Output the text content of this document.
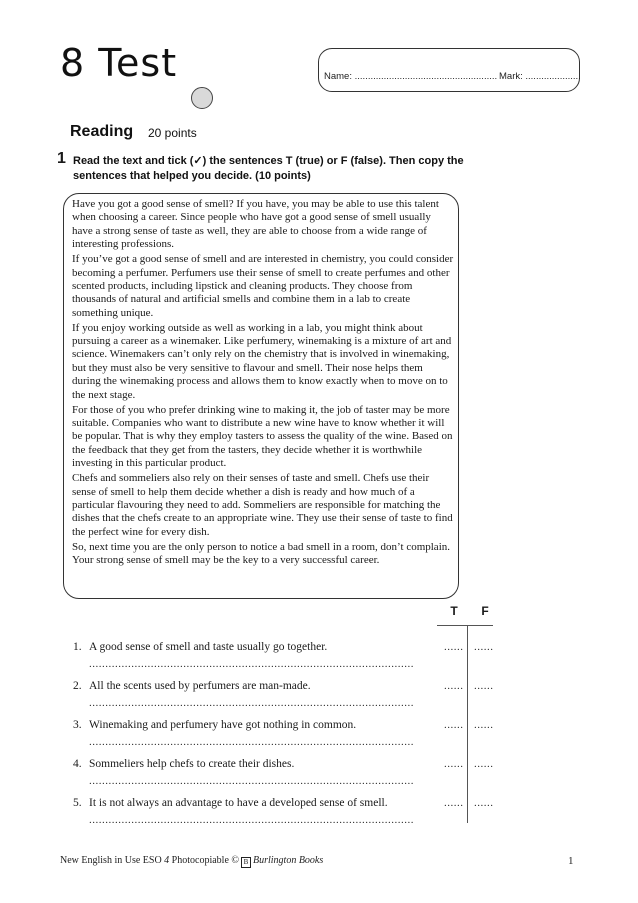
8 Test	Name: ...................................................... Mark: .....................
Reading 20 points
1 Read the text and tick (✓) the sentences T (true) or F (false). Then copy the sentences that helped you decide. (10 points)

Have you got a good sense of smell? If you have, you may be able to use this talent when choosing a career. Since people who have got a good sense of smell usually have a strong sense of taste as well, they are able to choose from a wide range of interesting professions.

If you’ve got a good sense of smell and are interested in chemistry, you could consider becoming a perfumer. Perfumers use their sense of smell to create perfumes and other scented products, including lipstick and cleaning products. They choose from thousands of natural and artificial smells and combine them in a lab to create something unique.

If you enjoy working outside as well as working in a lab, you might think about pursuing a career as a winemaker. Like perfumery, winemaking is a mixture of art and science. Winemakers can’t only rely on the chemistry that is involved in winemaking, but they must also be very sensitive to flavour and smell. Their nose helps them during the winemaking process and allows them to know exactly when to move on to the next stage.

For those of you who prefer drinking wine to making it, the job of taster may be more suitable. Companies who want to distribute a new wine have to know whether it will be popular. That is why they employ tasters to assess the quality of the wine. Based on the feedback that they get from the tasters, they decide whether it is worthwhile investing in this particular product.

Chefs and sommeliers also rely on their senses of taste and smell. Chefs use their sense of smell to help them decide whether a dish is ready and how much of a particular flavouring they need to add. Sommeliers are responsible for matching the dishes that the chefs create to an appropriate wine. They use their sense of taste to find the perfect wine for every dish.

So, next time you are the only person to notice a bad smell in a room, don’t complain. Your strong sense of smell may be the key to a very successful career.

T	F
1. A good sense of smell and taste usually go together.	...... ......
....................................................................................................
2. All the scents used by perfumers are man-made.	...... ......
....................................................................................................
3. Winemaking and perfumery have got nothing in common.	...... ......
....................................................................................................
4. Sommeliers help chefs to create their dishes.	...... ......
....................................................................................................
5. It is not always an advantage to have a developed sense of smell.	...... ......
....................................................................................................
New English in Use ESO 4 Photocopiable © B Burlington Books	1
